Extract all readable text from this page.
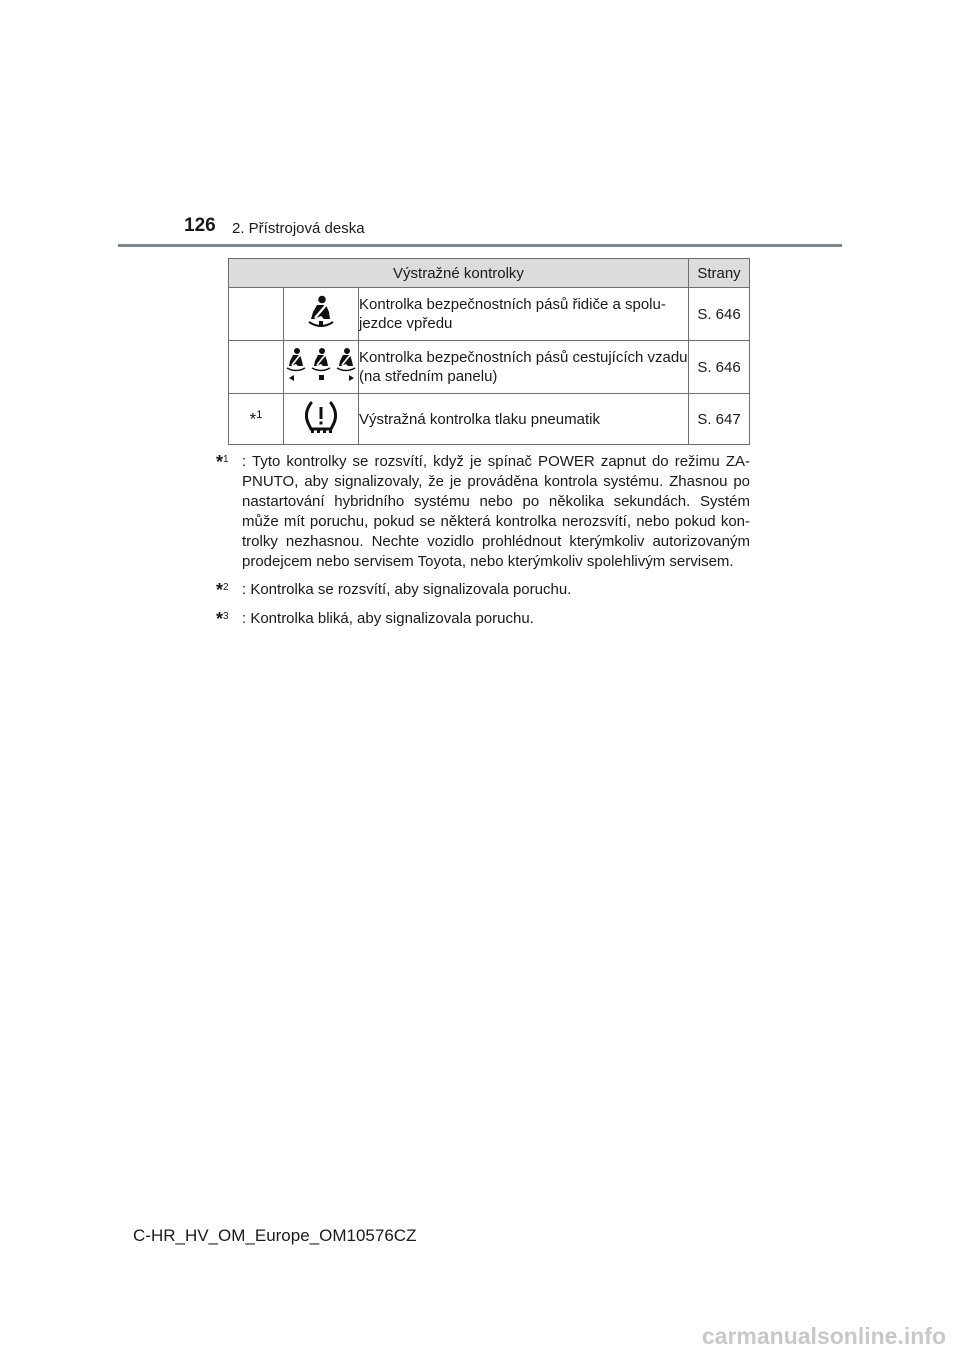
126 2. Přístrojová deska
Výstražné kontrolky			Strany
		Kontrolka bezpečnostních pásů řidiče a spolu-jezdce vpředu	S. 646
		Kontrolka bezpečnostních pásů cestujících vzadu (na středním panelu)	S. 646
*$^1$		Výstražná kontrolka tlaku pneumatik	S. 647
*$^1$ : Tyto kontrolky se rozsvítí, když je spínač POWER zapnut do režimu ZA-PNUTO, aby signalizovaly, že je prováděna kontrola systému. Zhasnou po nastartování hybridního systému nebo po několika sekundách. Systém může mít poruchu, pokud se některá kontrolka nerozsvítí, nebo pokud kon-trolky nezhasnou. Nechte vozidlo prohlédnout kterýmkoliv autorizovaným prodejcem nebo servisem Toyota, nebo kterýmkoliv spolehlivým servisem.
*$^2$ : Kontrolka se rozsvítí, aby signalizovala poruchu.
*$^3$ : Kontrolka bliká, aby signalizovala poruchu.
C-HR_HV_OM_Europe_OM10576CZ
carmanualsonline.info
